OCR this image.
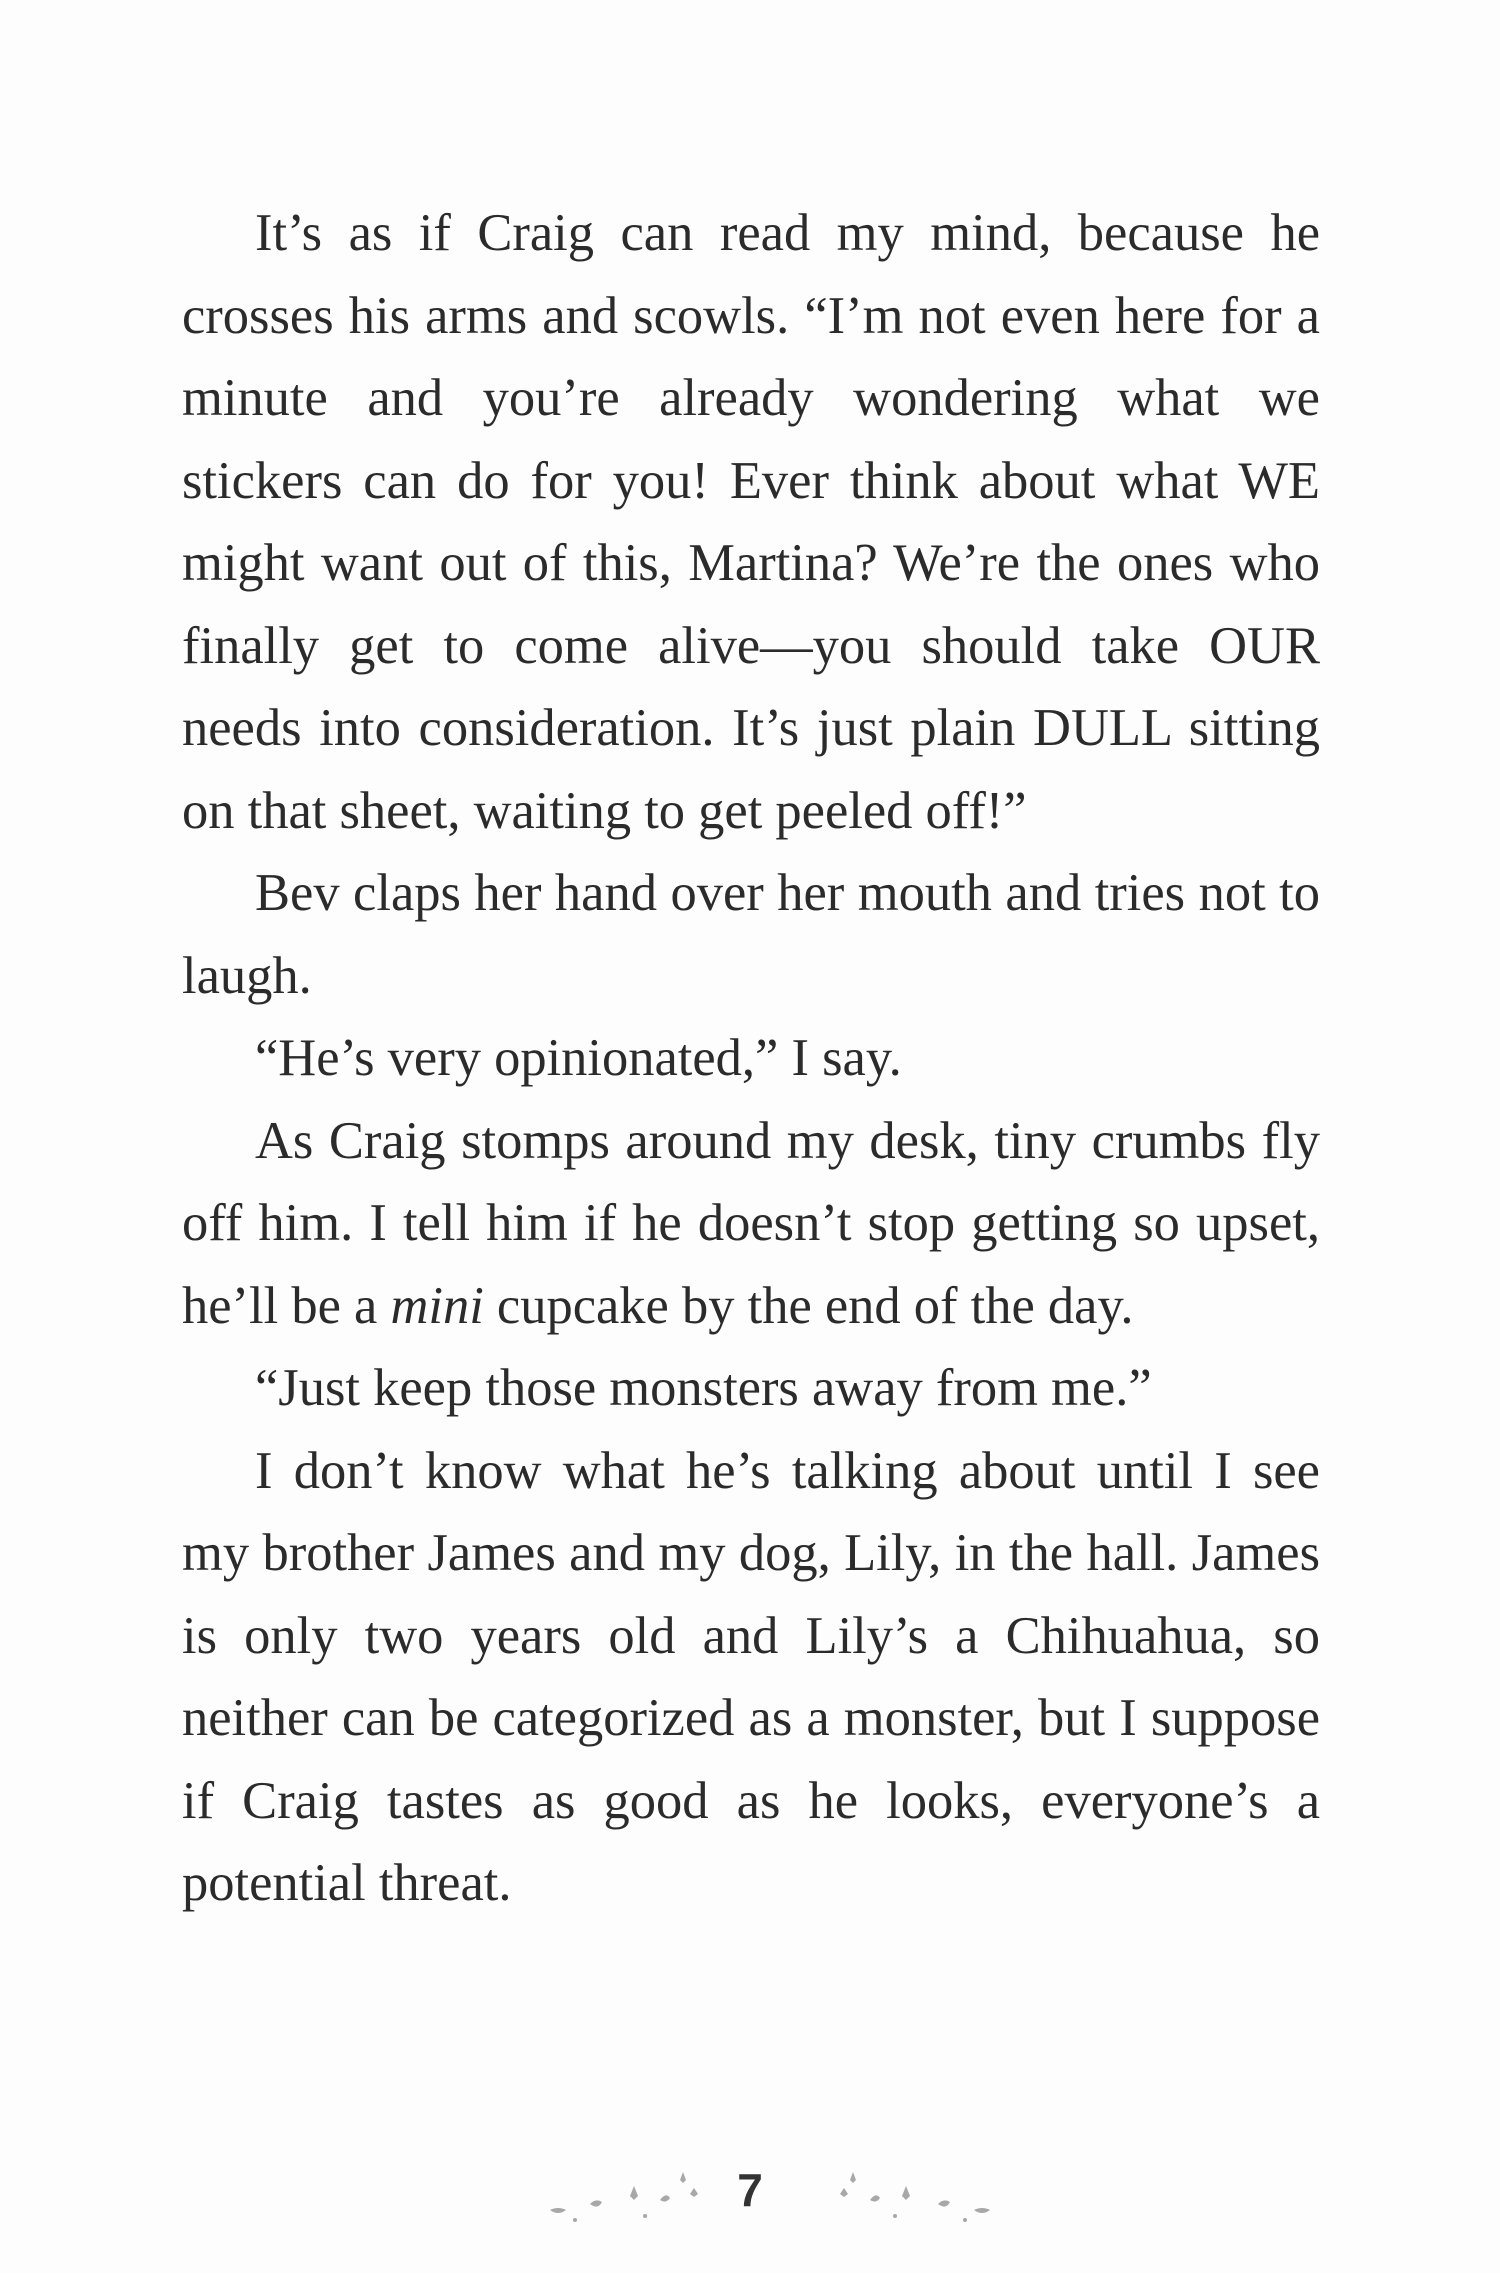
It’s as if Craig can read my mind, because he crosses his arms and scowls. “I’m not even here for a minute and you’re already wondering what we stickers can do for you! Ever think about what WE might want out of this, Martina? We’re the ones who finally get to come alive—you should take OUR needs into consideration. It’s just plain DULL sitting on that sheet, waiting to get peeled off!”

Bev claps her hand over her mouth and tries not to laugh.

“He’s very opinionated,” I say.

As Craig stomps around my desk, tiny crumbs fly off him. I tell him if he doesn’t stop getting so upset, he’ll be a mini cupcake by the end of the day.

“Just keep those monsters away from me.”

I don’t know what he’s talking about until I see my brother James and my dog, Lily, in the hall. James is only two years old and Lily’s a Chihuahua, so neither can be categorized as a monster, but I suppose if Craig tastes as good as he looks, everyone’s a potential threat.

7
